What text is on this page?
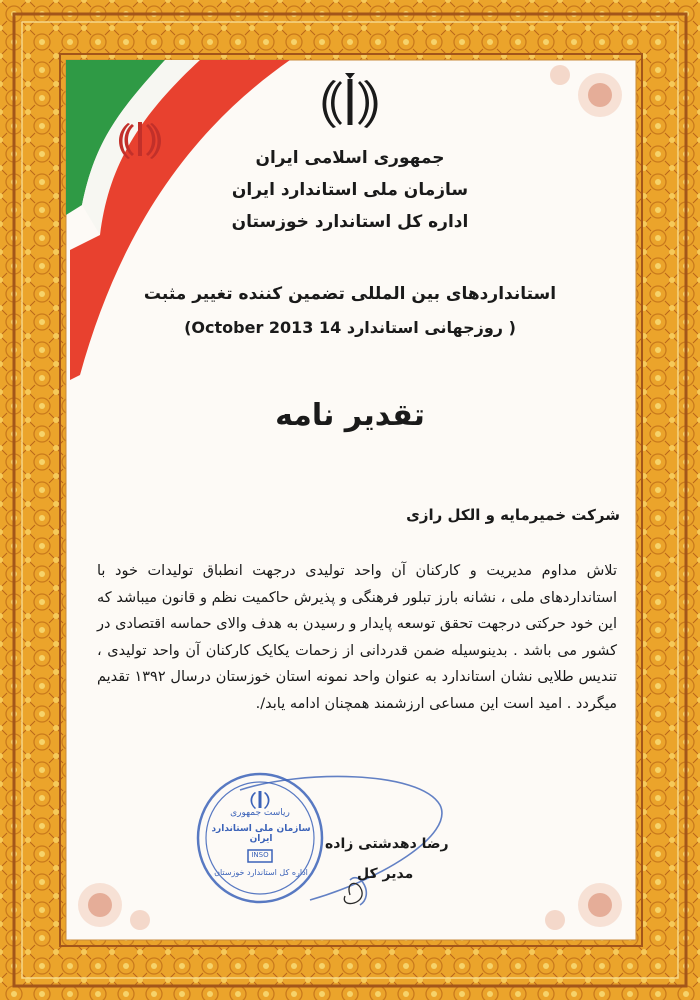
ریاست جمهوری
سازمان ملی استاندارد ایران
INSO
اداره کل استاندارد خوزستان
جمهوری اسلامی ایران
سازمان ملی استاندارد ایران
اداره کل استاندارد خوزستان
استانداردهای بین المللی تضمین کننده تغییر مثبت
( روزجهانی استاندارد 14 October 2013)
تقدیر نامه
شرکت خمیرمایه و الکل رازی
تلاش مداوم مدیریت و کارکنان آن واحد تولیدی درجهت انطباق تولیدات خود با استانداردهای ملی ، نشانه بارز تبلور فرهنگی و پذیرش حاکمیت نظم و قانون میباشد که این خود حرکتی درجهت تحقق توسعه پایدار و رسیدن به هدف والای حماسه اقتصادی در کشور می باشد . بدینوسیله ضمن قدردانی از زحمات یکایک کارکنان آن واحد تولیدی ، تندیس طلایی نشان استاندارد به عنوان واحد نمونه استان خوزستان درسال ۱۳۹۲ تقدیم میگردد . امید است این مساعی ارزشمند همچنان ادامه یابد/.
رضا دهدشتی زاده
مدیر کل
